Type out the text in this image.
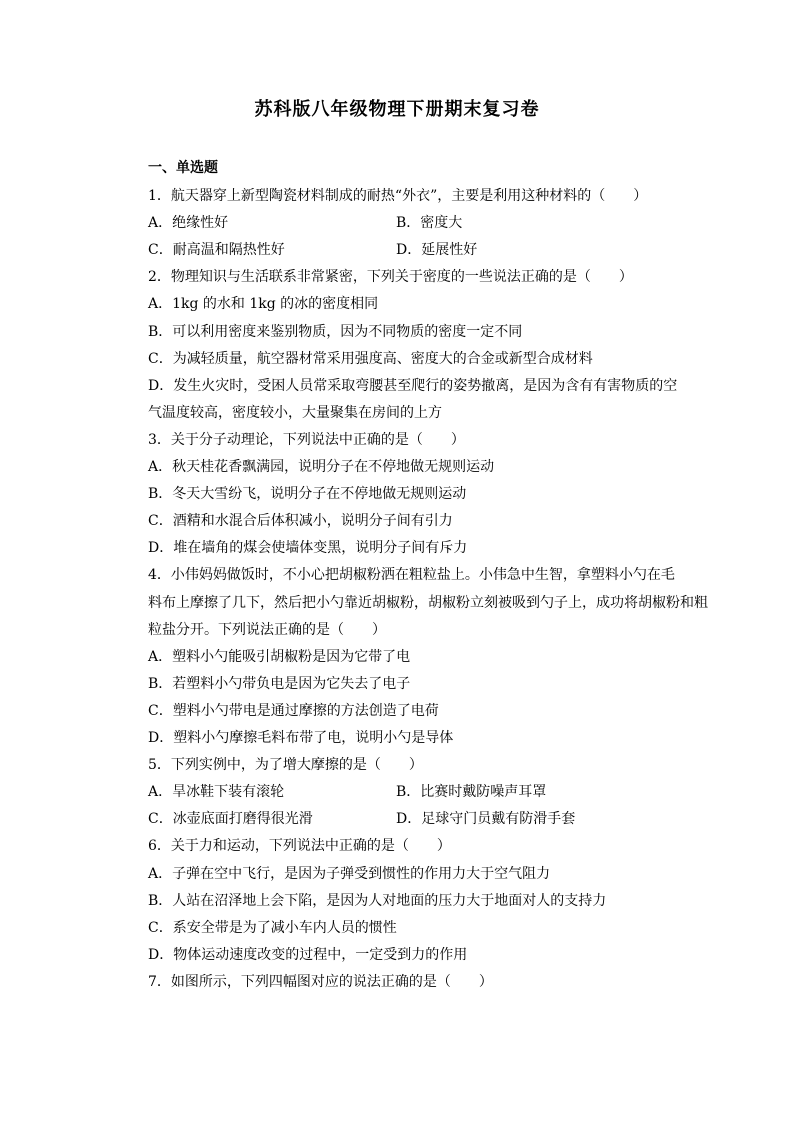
苏科版八年级物理下册期末复习卷
一、单选题
1．航天器穿上新型陶瓷材料制成的耐热“外衣”，主要是利用这种材料的（　　）
A．绝缘性好	B．密度大
C．耐高温和隔热性好	D．延展性好
2．物理知识与生活联系非常紧密，下列关于密度的一些说法正确的是（　　）
A．1kg 的水和 1kg 的冰的密度相同
B．可以利用密度来鉴别物质，因为不同物质的密度一定不同
C．为减轻质量，航空器材常采用强度高、密度大的合金或新型合成材料
D．发生火灾时，受困人员常采取弯腰甚至爬行的姿势撤离，是因为含有有害物质的空
气温度较高，密度较小，大量聚集在房间的上方
3．关于分子动理论，下列说法中正确的是（　　）
A．秋天桂花香飘满园，说明分子在不停地做无规则运动
B．冬天大雪纷飞，说明分子在不停地做无规则运动
C．酒精和水混合后体积减小，说明分子间有引力
D．堆在墙角的煤会使墙体变黑，说明分子间有斥力
4．小伟妈妈做饭时，不小心把胡椒粉洒在粗粒盐上。小伟急中生智，拿塑料小勺在毛
料布上摩擦了几下，然后把小勺靠近胡椒粉，胡椒粉立刻被吸到勺子上，成功将胡椒粉和粗
粒盐分开。下列说法正确的是（　　）
A．塑料小勺能吸引胡椒粉是因为它带了电
B．若塑料小勺带负电是因为它失去了电子
C．塑料小勺带电是通过摩擦的方法创造了电荷
D．塑料小勺摩擦毛料布带了电，说明小勺是导体
5．下列实例中，为了增大摩擦的是（　　）
A．旱冰鞋下装有滚轮	B．比赛时戴防噪声耳罩
C．冰壶底面打磨得很光滑	D．足球守门员戴有防滑手套
6．关于力和运动，下列说法中正确的是（　　）
A．子弹在空中飞行，是因为子弹受到惯性的作用力大于空气阻力
B．人站在沼泽地上会下陷，是因为人对地面的压力大于地面对人的支持力
C．系安全带是为了减小车内人员的惯性
D．物体运动速度改变的过程中，一定受到力的作用
7．如图所示，下列四幅图对应的说法正确的是（　　）
